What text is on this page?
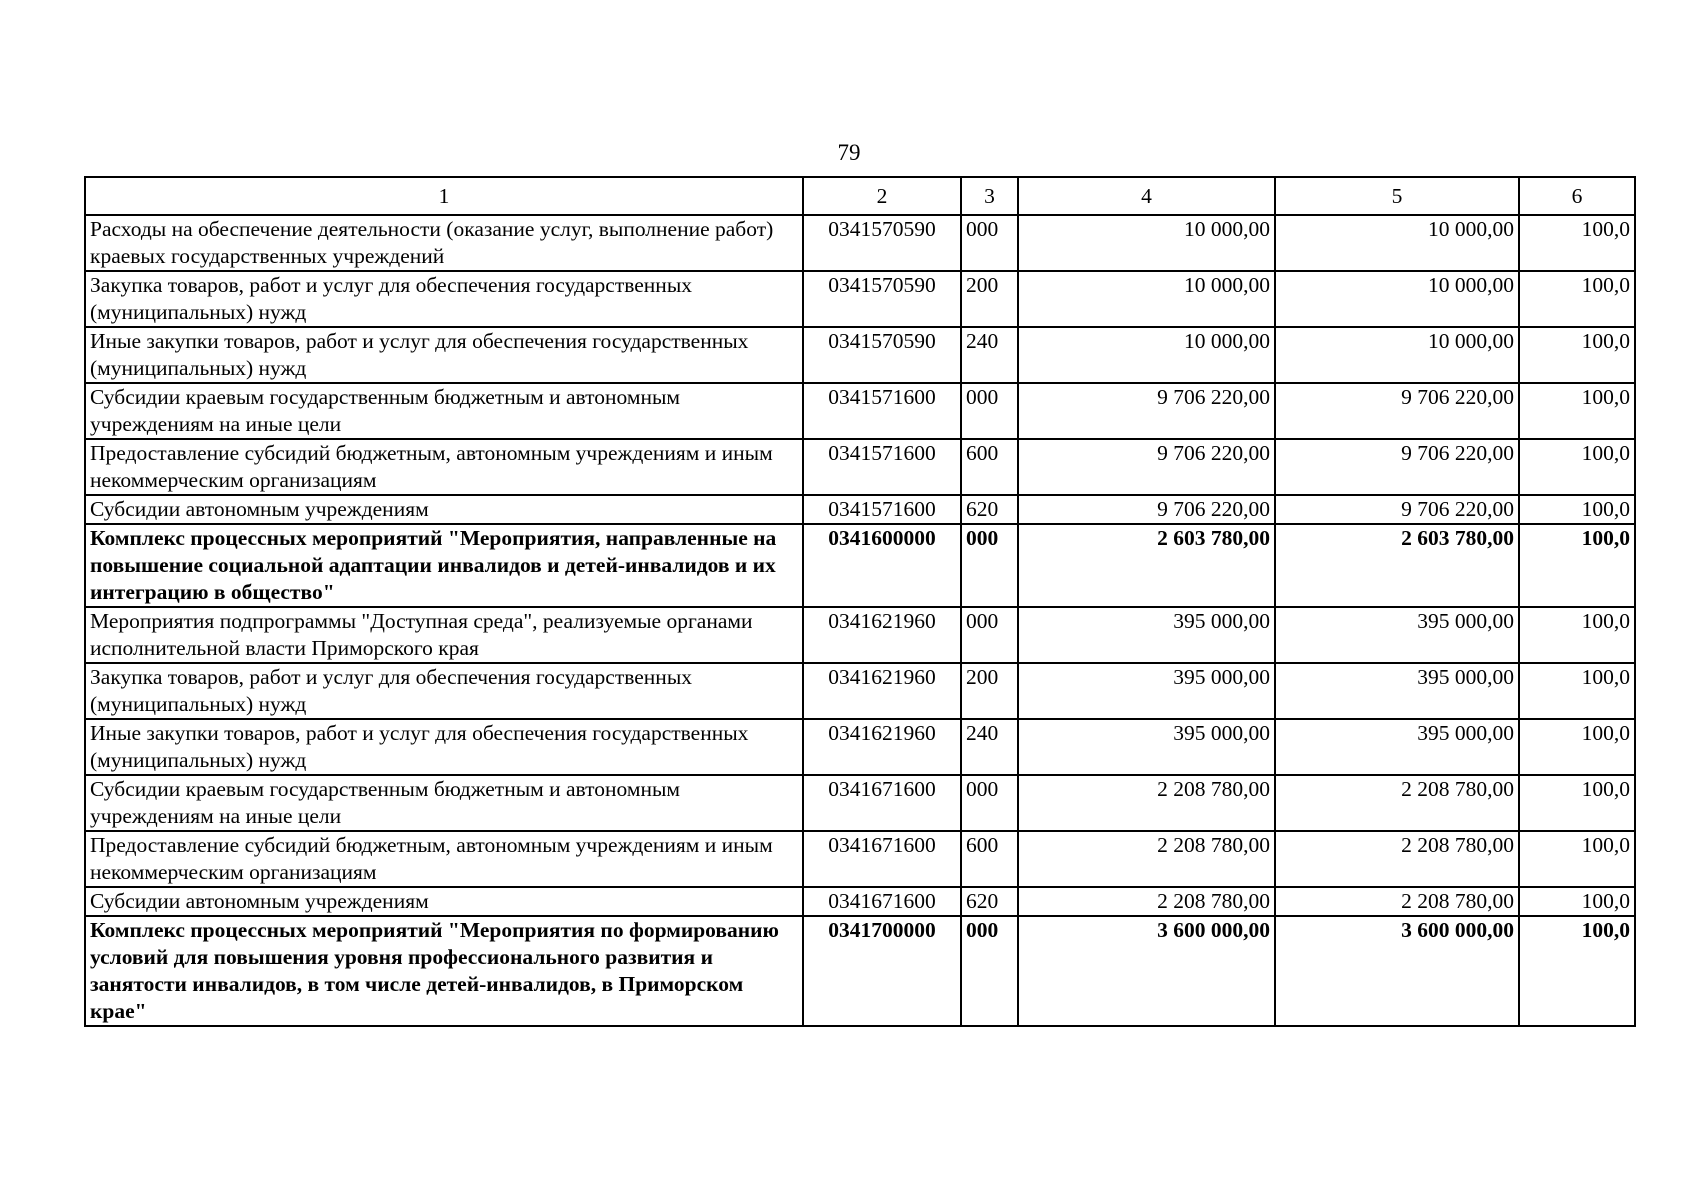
79
1	2	3	4	5	6
Расходы на обеспечение деятельности (оказание услуг, выполнение работ) краевых государственных учреждений	0341570590	000	10 000,00	10 000,00	100,0
Закупка товаров, работ и услуг для обеспечения государственных (муниципальных) нужд	0341570590	200	10 000,00	10 000,00	100,0
Иные закупки товаров, работ и услуг для обеспечения государственных (муниципальных) нужд	0341570590	240	10 000,00	10 000,00	100,0
Субсидии краевым государственным бюджетным и автономным учреждениям на иные цели	0341571600	000	9 706 220,00	9 706 220,00	100,0
Предоставление субсидий бюджетным, автономным учреждениям и иным некоммерческим организациям	0341571600	600	9 706 220,00	9 706 220,00	100,0
Субсидии автономным учреждениям	0341571600	620	9 706 220,00	9 706 220,00	100,0
Комплекс процессных мероприятий "Мероприятия, направленные на повышение социальной адаптации инвалидов и детей-инвалидов и их интеграцию в общество"	0341600000	000	2 603 780,00	2 603 780,00	100,0
Мероприятия подпрограммы "Доступная среда", реализуемые органами исполнительной власти Приморского края	0341621960	000	395 000,00	395 000,00	100,0
Закупка товаров, работ и услуг для обеспечения государственных (муниципальных) нужд	0341621960	200	395 000,00	395 000,00	100,0
Иные закупки товаров, работ и услуг для обеспечения государственных (муниципальных) нужд	0341621960	240	395 000,00	395 000,00	100,0
Субсидии краевым государственным бюджетным и автономным учреждениям на иные цели	0341671600	000	2 208 780,00	2 208 780,00	100,0
Предоставление субсидий бюджетным, автономным учреждениям и иным некоммерческим организациям	0341671600	600	2 208 780,00	2 208 780,00	100,0
Субсидии автономным учреждениям	0341671600	620	2 208 780,00	2 208 780,00	100,0
Комплекс процессных мероприятий "Мероприятия по формированию условий для повышения уровня профессионального развития и занятости инвалидов, в том числе детей-инвалидов, в Приморском крае"	0341700000	000	3 600 000,00	3 600 000,00	100,0
